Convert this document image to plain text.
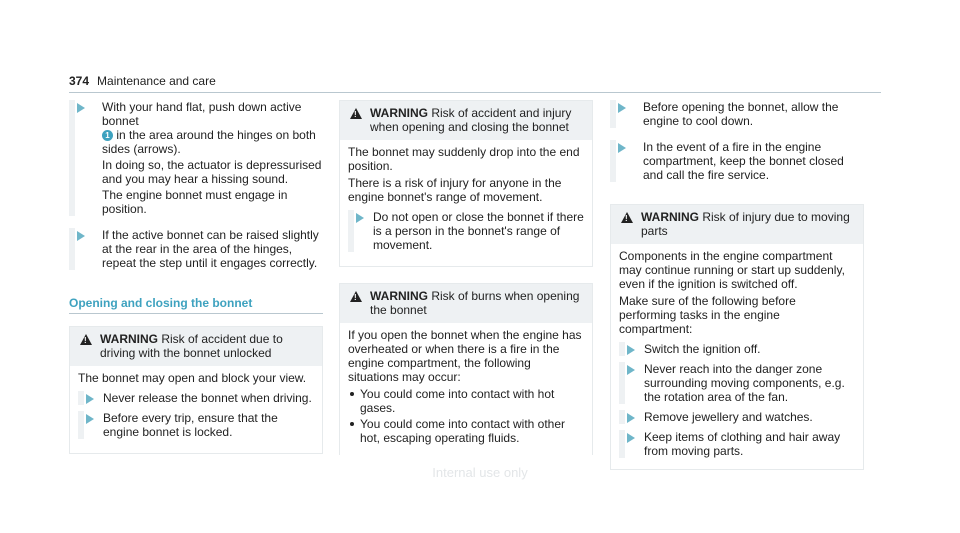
374 Maintenance and care

With your hand flat, push down active bonnet
1 in the area around the hinges on both sides (arrows).

In doing so, the actuator is depressurised and you may hear a hissing sound.

The engine bonnet must engage in position.

If the active bonnet can be raised slightly at the rear in the area of the hinges, repeat the step until it engages correctly.

Opening and closing the bonnet
! WARNING Risk of accident due to driving with the bonnet unlocked

The bonnet may open and block your view.

Never release the bonnet when driving.

Before every trip, ensure that the engine bonnet is locked.

! WARNING Risk of accident and injury when opening and closing the bonnet

The bonnet may suddenly drop into the end position.

There is a risk of injury for anyone in the engine bonnet's range of movement.

Do not open or close the bonnet if there is a person in the bonnet's range of movement.

! WARNING Risk of burns when opening the bonnet

If you open the bonnet when the engine has overheated or when there is a fire in the engine compartment, the following situations may occur:

You could come into contact with hot gases.
You could come into contact with other hot, escaping operating fluids.

Before opening the bonnet, allow the engine to cool down.

In the event of a fire in the engine compartment, keep the bonnet closed and call the fire service.

! WARNING Risk of injury due to moving parts

Components in the engine compartment may continue running or start up suddenly, even if the ignition is switched off.

Make sure of the following before performing tasks in the engine compartment:

Switch the ignition off.

Never reach into the danger zone surrounding moving components, e.g. the rotation area of the fan.

Remove jewellery and watches.

Keep items of clothing and hair away from moving parts.

Internal use only
